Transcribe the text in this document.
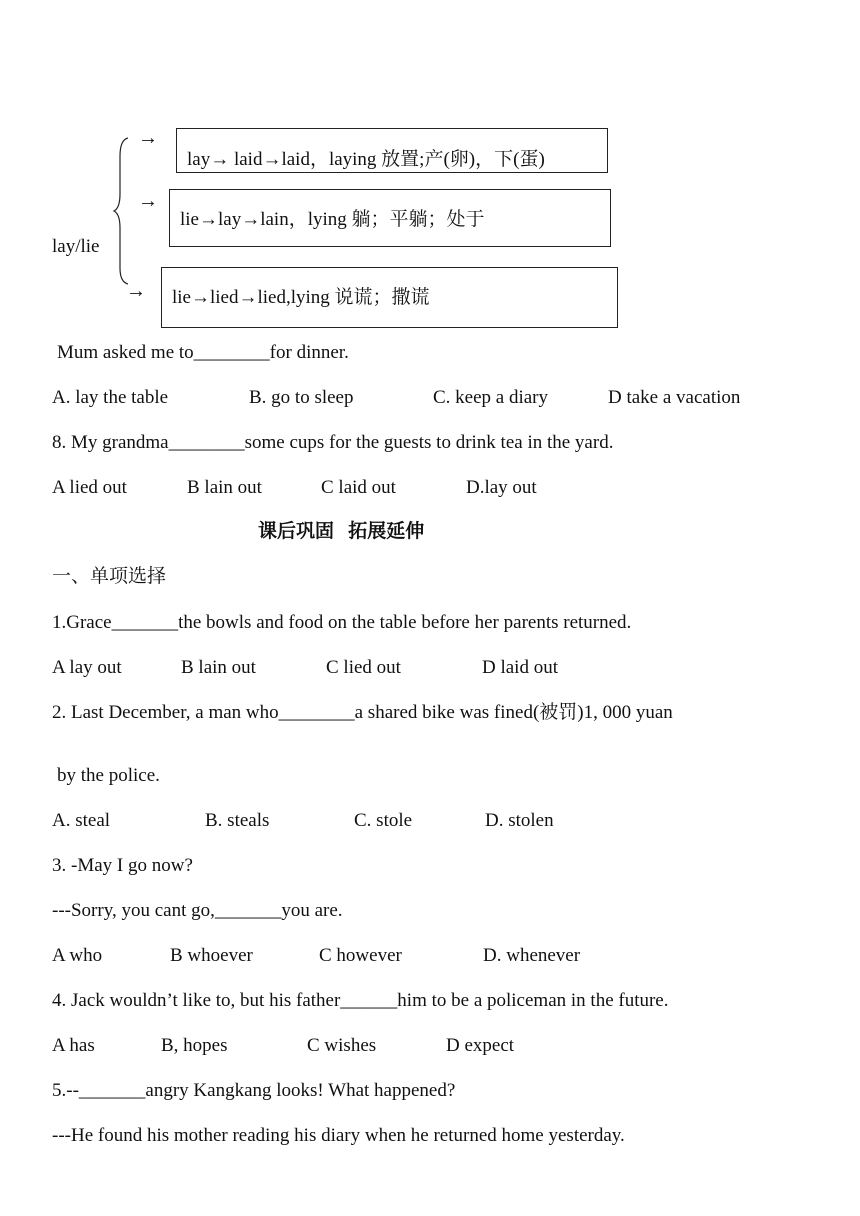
lay/lie
→
lay→ laid→laid，laying 放置;产(卵)，下(蛋)
→
lie→lay→lain，lying 躺；平躺；处于
→ lie→lied→lied,lying 说谎；撒谎
Mum asked me to________for dinner.
A. lay the table	B. go to sleep	C. keep a diary	D take a vacation
8. My grandma________some cups for the guests to drink tea in the yard.
A lied out	B lain out	C laid out	D.lay out
课后巩固   拓展延伸
一、单项选择
1.Grace_______the bowls and food on the table before her parents returned.
A lay out	B lain out	C lied out	D laid out
2. Last December, a man who________a shared bike was fined(被罚)1, 000 yuan
by the police.
A. steal	B. steals	C. stole	D. stolen
3. -May I go now?
---Sorry, you cant go,_______you are.
A who	B whoever	C however	D. whenever
4. Jack wouldn’t like to, but his father______him to be a policeman in the future.
A has	B, hopes	C wishes	D expect
5.--_______angry Kangkang looks! What happened?
---He found his mother reading his diary when he returned home yesterday.
